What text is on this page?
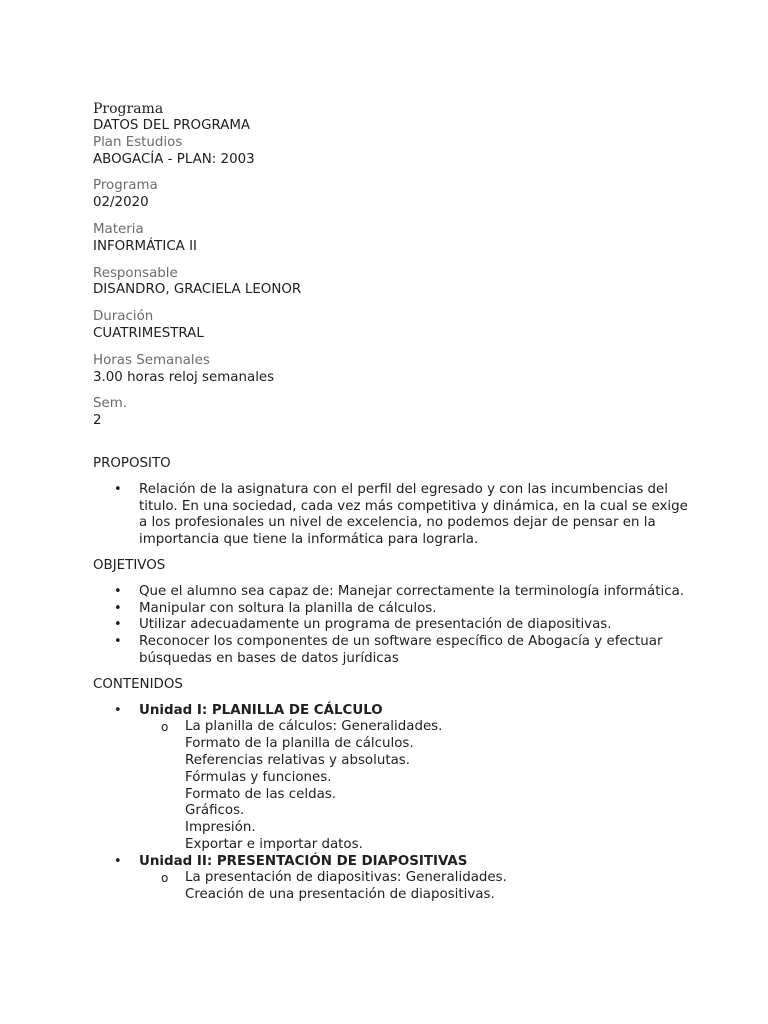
Programa
DATOS DEL PROGRAMA
Plan Estudios
ABOGACÍA - PLAN: 2003
Programa
02/2020
Materia
INFORMÁTICA II
Responsable
DISANDRO, GRACIELA LEONOR
Duración
CUATRIMESTRAL
Horas Semanales
3.00 horas reloj semanales
Sem.
2
PROPOSITO
• Relación de la asignatura con el perfil del egresado y con las incumbencias del titulo. En una sociedad, cada vez más competitiva y dinámica, en la cual se exige a los profesionales un nivel de excelencia, no podemos dejar de pensar en la importancia que tiene la informática para lograrla.
OBJETIVOS
• Que el alumno sea capaz de: Manejar correctamente la terminología informática.
• Manipular con soltura la planilla de cálculos.
• Utilizar adecuadamente un programa de presentación de diapositivas.
• Reconocer los componentes de un software específico de Abogacía y efectuar búsquedas en bases de datos jurídicas
CONTENIDOS
• Unidad I: PLANILLA DE CÁLCULO
o La planilla de cálculos: Generalidades.
Formato de la planilla de cálculos.
Referencias relativas y absolutas.
Fórmulas y funciones.
Formato de las celdas.
Gráficos.
Impresión.
Exportar e importar datos.
• Unidad II: PRESENTACIÓN DE DIAPOSITIVAS
o La presentación de diapositivas: Generalidades.
Creación de una presentación de diapositivas.
